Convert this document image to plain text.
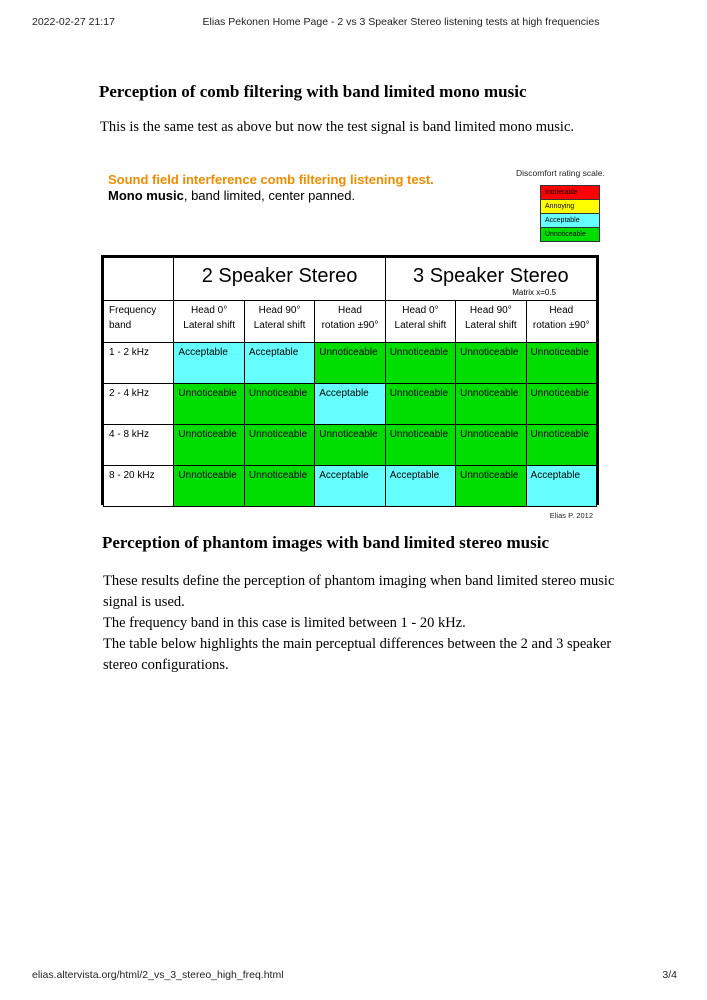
2022-02-27 21:17	Elias Pekonen Home Page - 2 vs 3 Speaker Stereo listening tests at high frequencies
Perception of comb filtering with band limited mono music

This is the same test as above but now the test signal is band limited mono music.

Sound field interference comb filtering listening test.
Mono music, band limited, center panned.
Discomfort rating scale.
Intolerable
Annoying
Acceptable
Unnoticeable

	2 Speaker Stereo			3 Speaker Stereo
Matrix x=0.5		

Frequency
band	Head 0°
Lateral shift	Head 90°
Lateral shift	Head
rotation ±90°	Head 0°
Lateral shift	Head 90°
Lateral shift	Head
rotation ±90°
1 - 2 kHz	Acceptable	Acceptable	Unnoticeable	Unnoticeable	Unnoticeable	Unnoticeable
2 - 4 kHz	Unnoticeable	Unnoticeable	Acceptable	Unnoticeable	Unnoticeable	Unnoticeable
4 - 8 kHz	Unnoticeable	Unnoticeable	Unnoticeable	Unnoticeable	Unnoticeable	Unnoticeable
8 - 20 kHz	Unnoticeable	Unnoticeable	Acceptable	Acceptable	Unnoticeable	Acceptable
Elias P. 2012
Perception of phantom images with band limited stereo music
These results define the perception of phantom imaging when band limited stereo music
signal is used.
The frequency band in this case is limited between 1 - 20 kHz.
The table below highlights the main perceptual differences between the 2 and 3 speaker
stereo configurations.
elias.altervista.org/html/2_vs_3_stereo_high_freq.html	3/4
